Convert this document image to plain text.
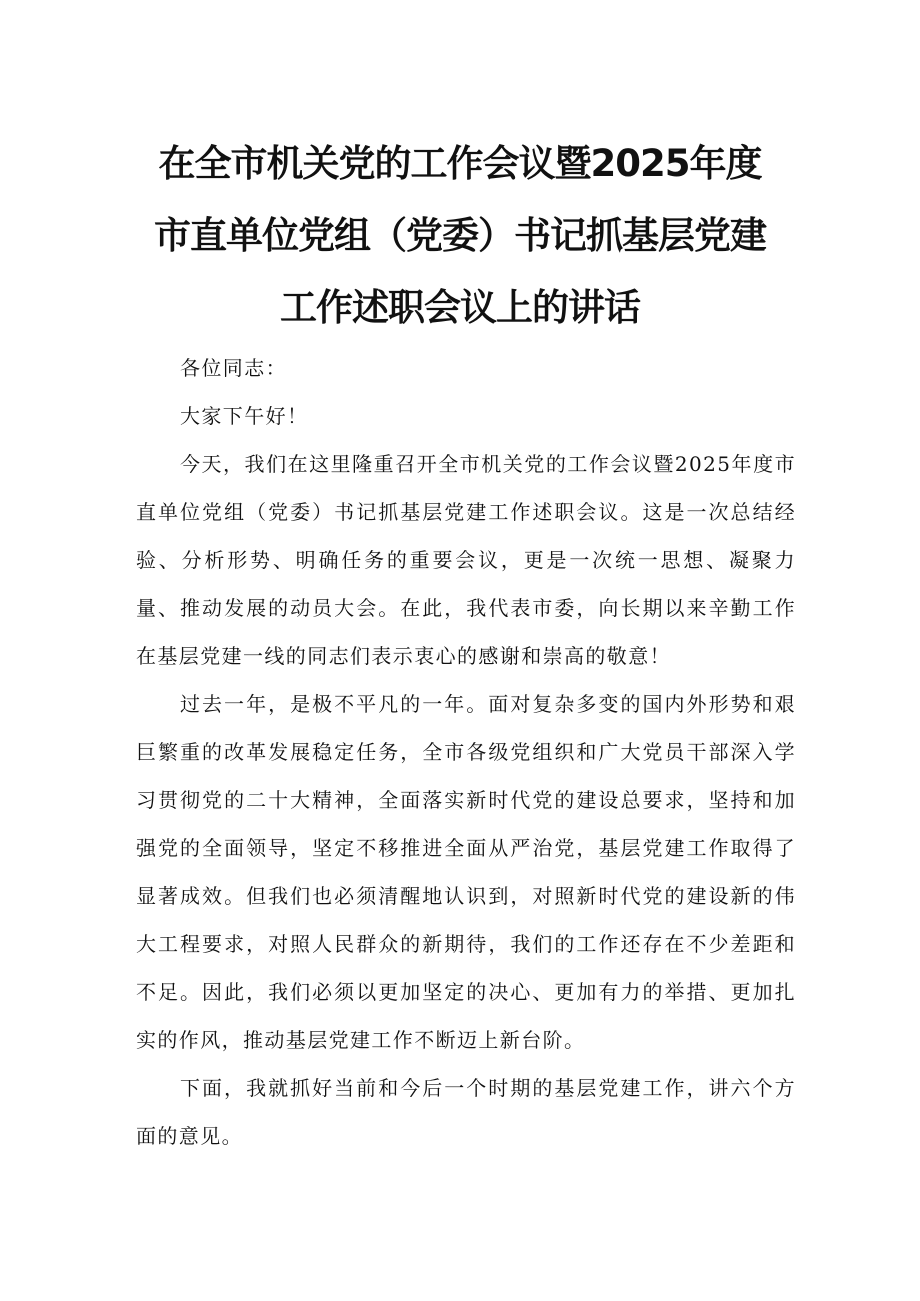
在全市机关党的工作会议暨2025年度
市直单位党组（党委）书记抓基层党建
工作述职会议上的讲话

各位同志：

大家下午好！

今天，我们在这里隆重召开全市机关党的工作会议暨2025年度市直单位党组（党委）书记抓基层党建工作述职会议。这是一次总结经验、分析形势、明确任务的重要会议，更是一次统一思想、凝聚力量、推动发展的动员大会。在此，我代表市委，向长期以来辛勤工作在基层党建一线的同志们表示衷心的感谢和崇高的敬意！

过去一年，是极不平凡的一年。面对复杂多变的国内外形势和艰巨繁重的改革发展稳定任务，全市各级党组织和广大党员干部深入学习贯彻党的二十大精神，全面落实新时代党的建设总要求，坚持和加强党的全面领导，坚定不移推进全面从严治党，基层党建工作取得了显著成效。但我们也必须清醒地认识到，对照新时代党的建设新的伟大工程要求，对照人民群众的新期待，我们的工作还存在不少差距和不足。因此，我们必须以更加坚定的决心、更加有力的举措、更加扎实的作风，推动基层党建工作不断迈上新台阶。

下面，我就抓好当前和今后一个时期的基层党建工作，讲六个方面的意见。
